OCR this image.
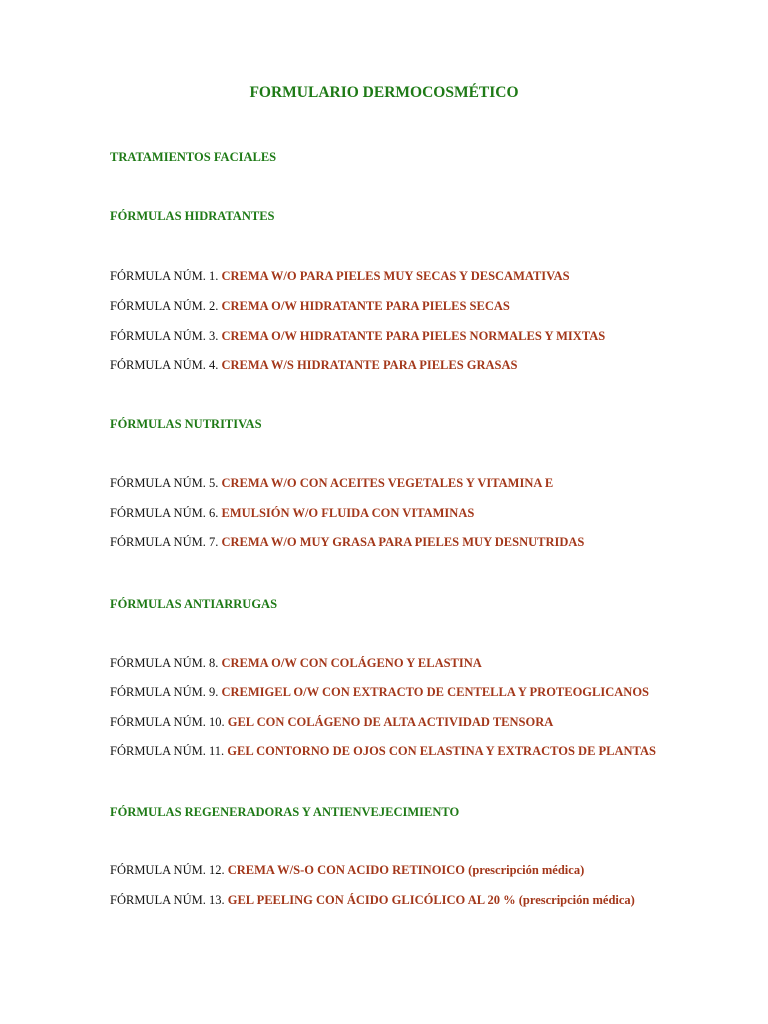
FORMULARIO DERMOCOSMÉTICO
TRATAMIENTOS FACIALES
FÓRMULAS HIDRATANTES
FÓRMULA NÚM. 1. CREMA W/O PARA PIELES MUY SECAS Y DESCAMATIVAS
FÓRMULA NÚM. 2. CREMA O/W HIDRATANTE PARA PIELES SECAS
FÓRMULA NÚM. 3. CREMA O/W HIDRATANTE PARA PIELES NORMALES Y MIXTAS
FÓRMULA NÚM. 4. CREMA W/S HIDRATANTE PARA PIELES GRASAS
FÓRMULAS NUTRITIVAS
FÓRMULA NÚM. 5. CREMA W/O CON ACEITES VEGETALES Y VITAMINA E
FÓRMULA NÚM. 6. EMULSIÓN W/O FLUIDA CON VITAMINAS
FÓRMULA NÚM. 7. CREMA W/O MUY GRASA PARA PIELES MUY DESNUTRIDAS
FÓRMULAS ANTIARRUGAS
FÓRMULA NÚM. 8. CREMA O/W CON COLÁGENO Y ELASTINA
FÓRMULA NÚM. 9. CREMIGEL O/W CON EXTRACTO DE CENTELLA Y PROTEOGLICANOS
FÓRMULA NÚM. 10. GEL CON COLÁGENO DE ALTA ACTIVIDAD TENSORA
FÓRMULA NÚM. 11. GEL CONTORNO DE OJOS CON ELASTINA Y EXTRACTOS DE PLANTAS
FÓRMULAS REGENERADORAS Y ANTIENVEJECIMIENTO
FÓRMULA NÚM. 12. CREMA W/S-O CON ACIDO RETINOICO (prescripción médica)
FÓRMULA NÚM. 13. GEL PEELING CON ÁCIDO GLICÓLICO AL 20 % (prescripción médica)
